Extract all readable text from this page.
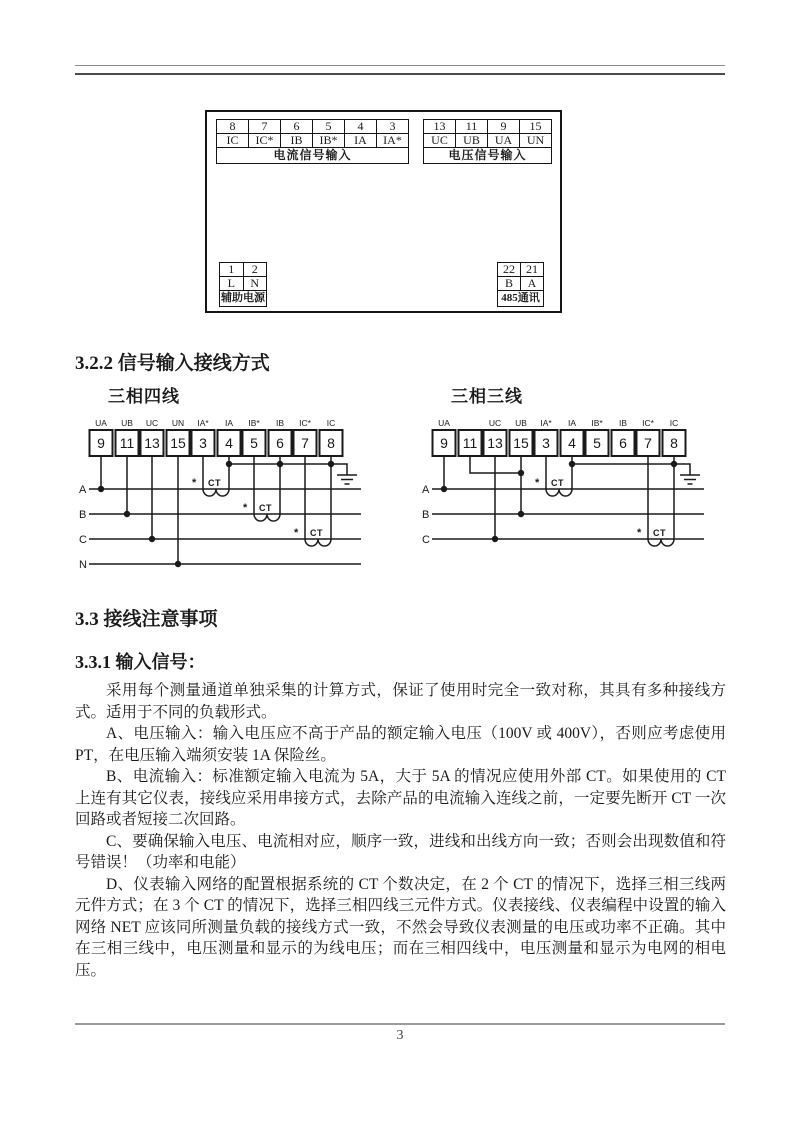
8	7	6	5	4	3
IC	IC*	IB	IB*	IA	IA*
电流信号输入					
13	11	9	15
UC	UB	UA	UN
电压信号输入			
1	2
L	N
辅助电源	
22	21
B	A
485通讯	
3.2.2 信号输入接线方式
三相四线
UA UB UC UN IA* IA IB* IB IC* IC
9 11 13 15 3 4 5 6 7 8
A
B
C
N
* CT
* CT
* CT
三相三线
UA	UC UB IA* IA IB* IB IC* IC
9 11 13 15 3 4 5 6 7 8
A
B
C
* CT
* CT
3.3 接线注意事项
3.3.1 输入信号：

采用每个测量通道单独采集的计算方式，保证了使用时完全一致对称，其具有多种接线方式。适用于不同的负载形式。

A、电压输入：输入电压应不高于产品的额定输入电压（100V 或 400V），否则应考虑使用 PT，在电压输入端须安装 1A 保险丝。

B、电流输入：标准额定输入电流为 5A，大于 5A 的情况应使用外部 CT。如果使用的 CT 上连有其它仪表，接线应采用串接方式，去除产品的电流输入连线之前，一定要先断开 CT 一次回路或者短接二次回路。

C、要确保输入电压、电流相对应，顺序一致，进线和出线方向一致；否则会出现数值和符号错误！（功率和电能）

D、仪表输入网络的配置根据系统的 CT 个数决定，在 2 个 CT 的情况下，选择三相三线两元件方式；在 3 个 CT 的情况下，选择三相四线三元件方式。仪表接线、仪表编程中设置的输入网络 NET 应该同所测量负载的接线方式一致，不然会导致仪表测量的电压或功率不正确。其中在三相三线中，电压测量和显示的为线电压；而在三相四线中，电压测量和显示为电网的相电压。

3
